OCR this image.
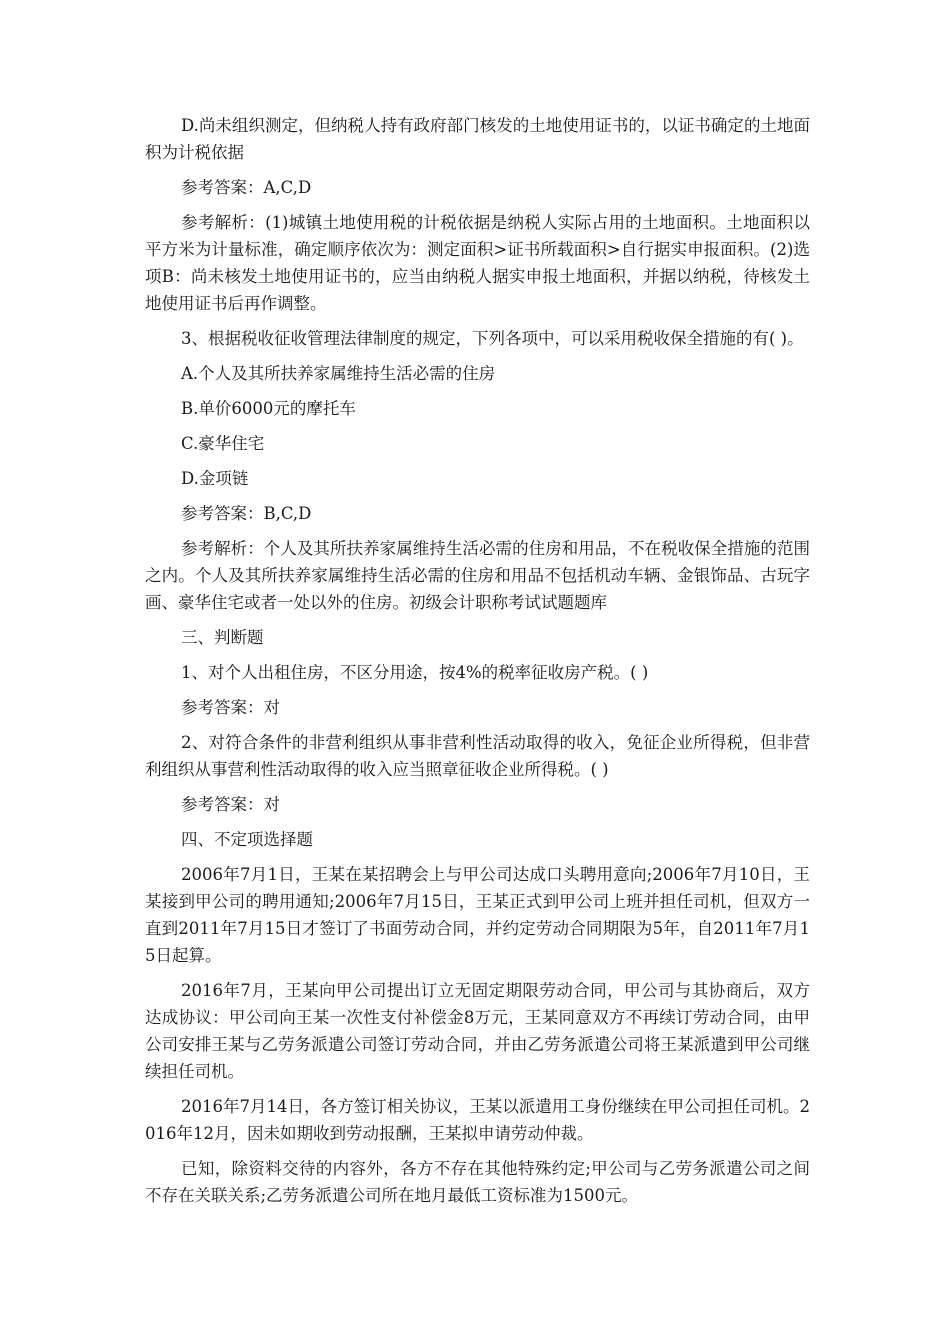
D.尚未组织测定，但纳税人持有政府部门核发的土地使用证书的，以证书确定的土地面积为计税依据

参考答案：A,C,D

参考解析：(1)城镇土地使用税的计税依据是纳税人实际占用的土地面积。土地面积以平方米为计量标准，确定顺序依次为：测定面积>证书所载面积>自行据实申报面积。(2)选项B：尚未核发土地使用证书的，应当由纳税人据实申报土地面积，并据以纳税，待核发土地使用证书后再作调整。

3、根据税收征收管理法律制度的规定，下列各项中，可以采用税收保全措施的有( )。

A.个人及其所扶养家属维持生活必需的住房

B.单价6000元的摩托车

C.豪华住宅

D.金项链

参考答案：B,C,D

参考解析：个人及其所扶养家属维持生活必需的住房和用品，不在税收保全措施的范围之内。个人及其所扶养家属维持生活必需的住房和用品不包括机动车辆、金银饰品、古玩字画、豪华住宅或者一处以外的住房。初级会计职称考试试题题库

三、判断题

1、对个人出租住房，不区分用途，按4%的税率征收房产税。( )

参考答案：对

2、对符合条件的非营利组织从事非营利性活动取得的收入，免征企业所得税，但非营利组织从事营利性活动取得的收入应当照章征收企业所得税。( )

参考答案：对

四、不定项选择题

2006年7月1日，王某在某招聘会上与甲公司达成口头聘用意向;2006年7月10日，王某接到甲公司的聘用通知;2006年7月15日，王某正式到甲公司上班并担任司机，但双方一直到2011年7月15日才签订了书面劳动合同，并约定劳动合同期限为5年，自2011年7月15日起算。

2016年7月，王某向甲公司提出订立无固定期限劳动合同，甲公司与其协商后，双方达成协议：甲公司向王某一次性支付补偿金8万元，王某同意双方不再续订劳动合同，由甲公司安排王某与乙劳务派遣公司签订劳动合同，并由乙劳务派遣公司将王某派遣到甲公司继续担任司机。

2016年7月14日，各方签订相关协议，王某以派遣用工身份继续在甲公司担任司机。2016年12月，因未如期收到劳动报酬，王某拟申请劳动仲裁。

已知，除资料交待的内容外，各方不存在其他特殊约定;甲公司与乙劳务派遣公司之间不存在关联关系;乙劳务派遣公司所在地月最低工资标准为1500元。
